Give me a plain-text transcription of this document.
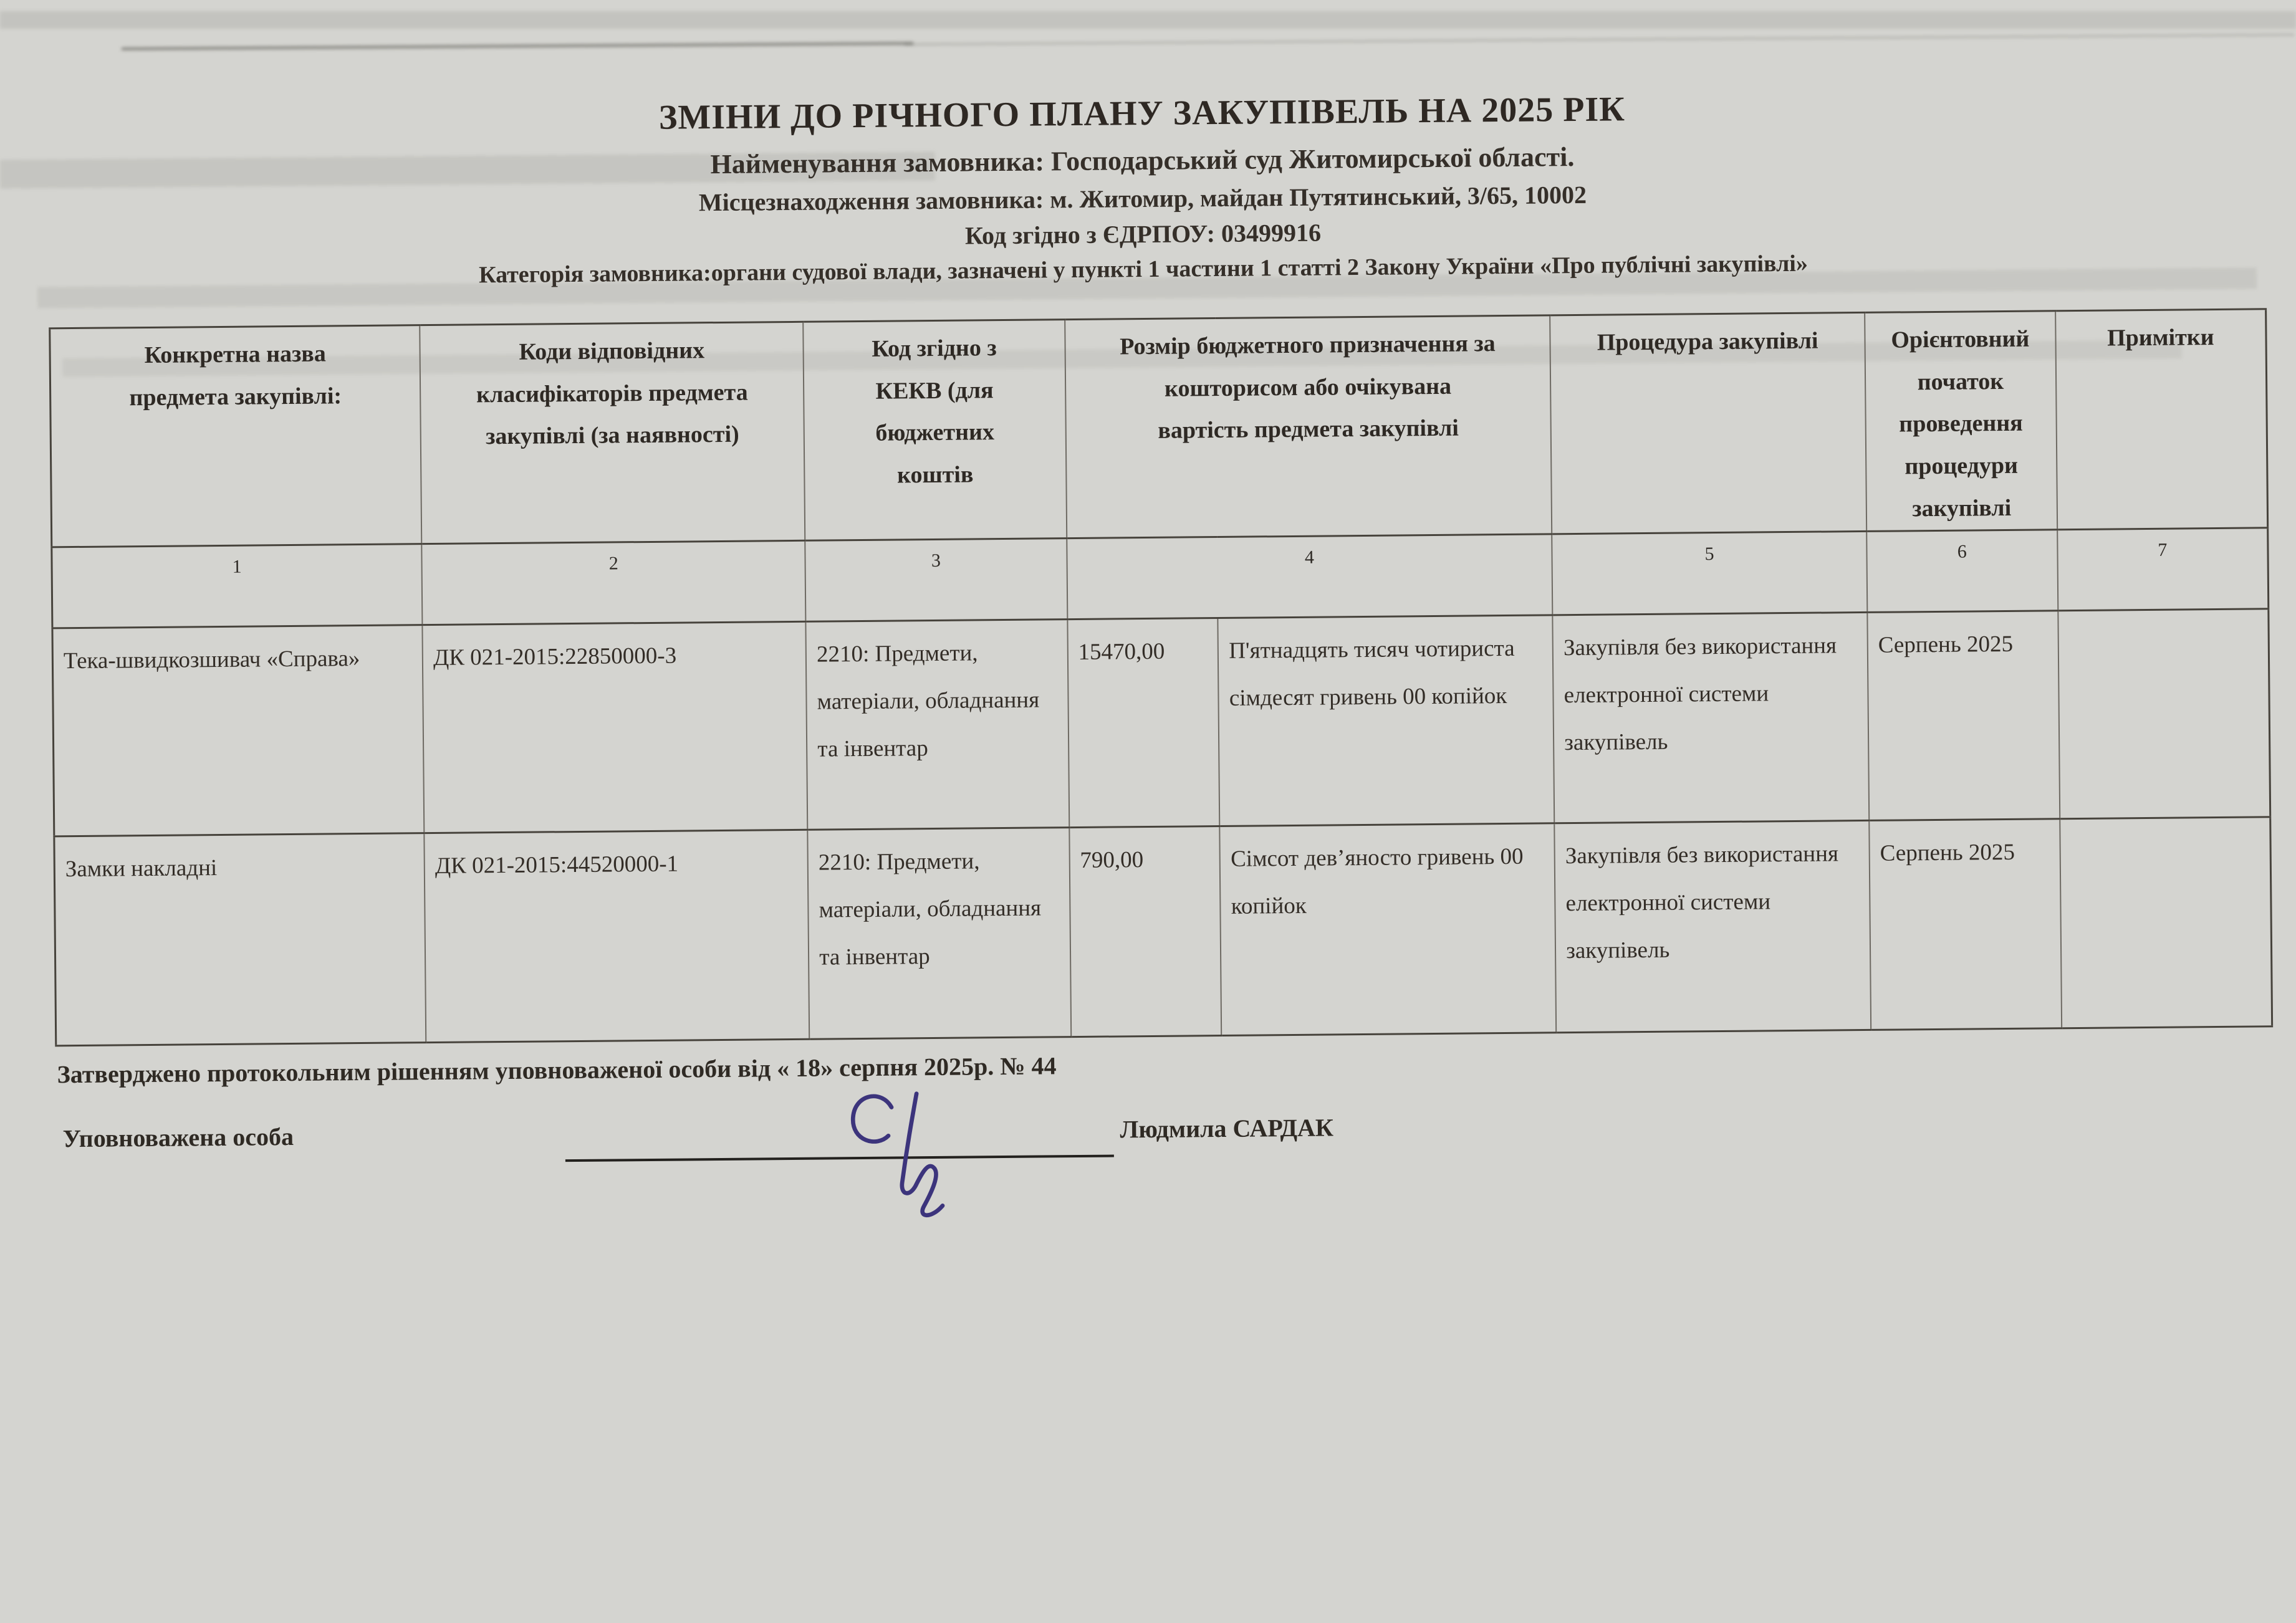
ЗМІНИ ДО РІЧНОГО ПЛАНУ ЗАКУПІВЕЛЬ НА 2025 РІК
Найменування замовника: Господарський суд Житомирської області.
Місцезнаходження замовника: м. Житомир, майдан Путятинський, 3/65, 10002
Код згідно з ЄДРПОУ: 03499916
Категорія замовника:органи судової влади, зазначені у пункті 1 частини 1 статті 2 Закону України «Про публічні закупівлі»
Конкретна назва
предмета закупівлі:	Коди відповідних
класифікаторів предмета
закупівлі (за наявності)	Код згідно з
КЕКВ (для
бюджетних
коштів	Розмір бюджетного призначення за
кошторисом або очікувана
вартість предмета закупівлі		Процедура закупівлі	Орієнтовний
початок
проведення
процедури
закупівлі	Примітки
1	2	3	4		5	6	7
Тека-швидкозшивач «Справа»	ДК 021-2015:22850000-3	2210: Предмети, матеріали, обладнання та інвентар	15470,00	П'ятнадцять тисяч чотириста сімдесят гривень 00 копійок	Закупівля без використання електронної системи закупівель	Серпень 2025	
Замки накладні	ДК 021-2015:44520000-1	2210: Предмети, матеріали, обладнання та інвентар	790,00	Сімсот дев’яносто гривень 00 копійок	Закупівля без використання електронної системи закупівель	Серпень 2025	
Затверджено протокольним рішенням уповноваженої особи від « 18» серпня 2025р. № 44
Уповноважена особа	Людмила САРДАК
